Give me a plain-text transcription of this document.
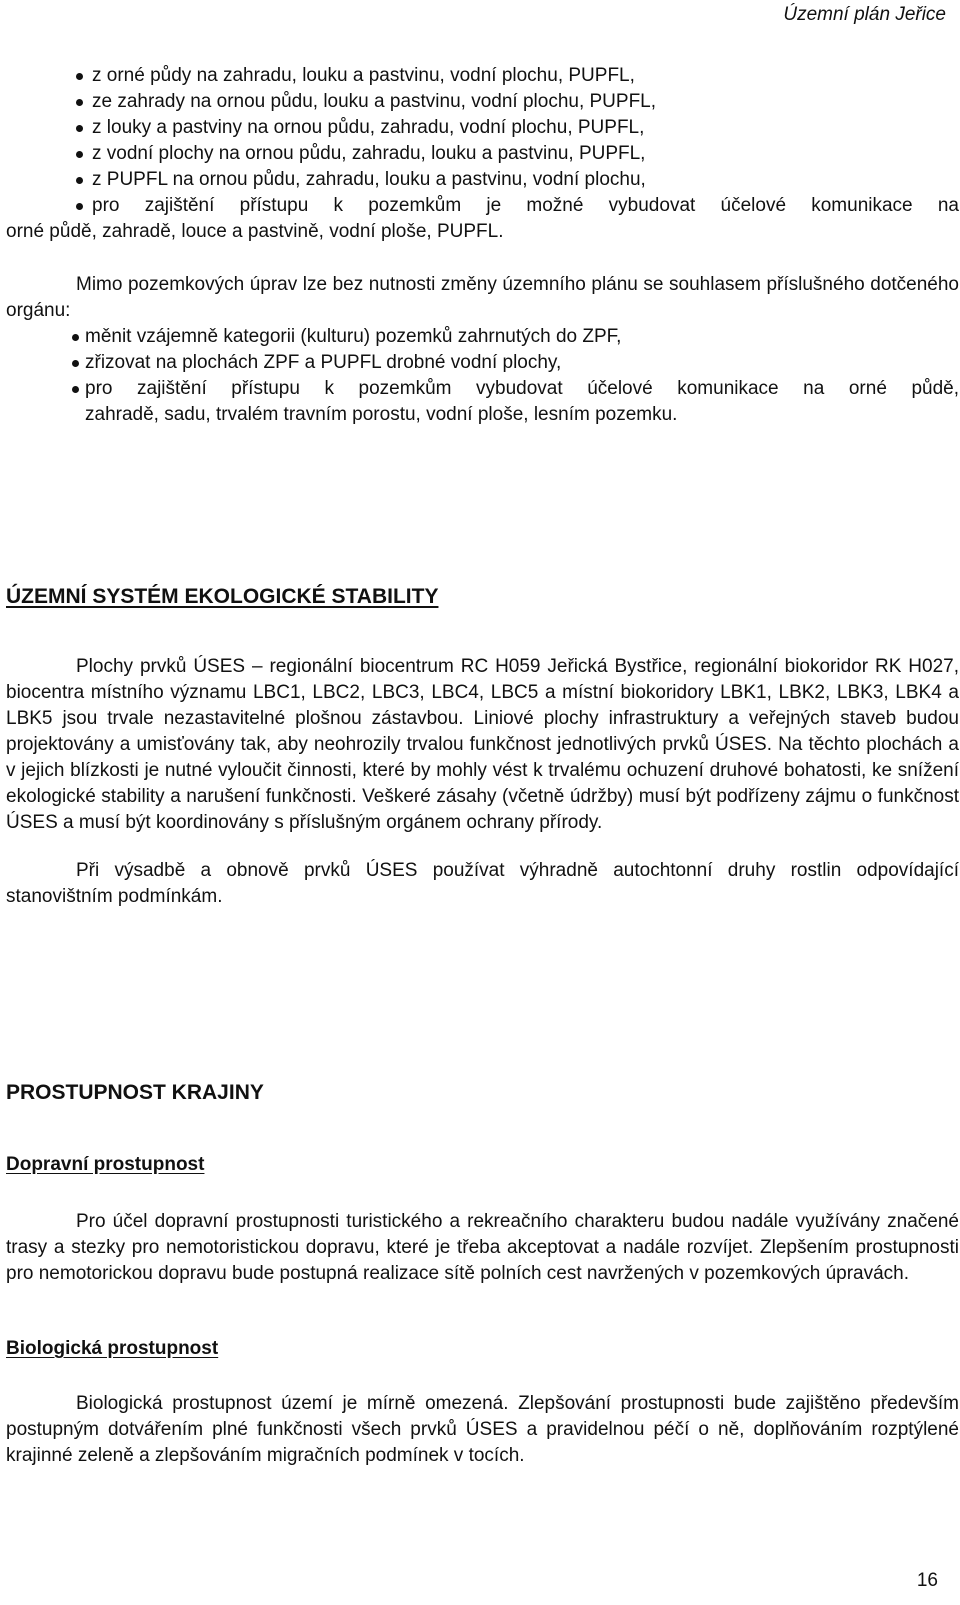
Územní plán Jeřice
z orné půdy na zahradu, louku a pastvinu, vodní plochu, PUPFL,
ze zahrady na ornou půdu, louku a pastvinu, vodní plochu, PUPFL,
z louky a pastviny na ornou půdu, zahradu, vodní plochu, PUPFL,
z vodní plochy na ornou půdu, zahradu, louku a pastvinu, PUPFL,
z PUPFL na ornou půdu, zahradu, louku a pastvinu, vodní plochu,
pro zajištění přístupu k pozemkům je možné vybudovat účelové komunikace na
orné půdě, zahradě, louce a pastvině, vodní ploše, PUPFL.

Mimo pozemkových úprav lze bez nutnosti změny územního plánu se souhlasem příslušného dotčeného orgánu:

měnit vzájemně kategorii (kulturu) pozemků zahrnutých do ZPF,
zřizovat na plochách ZPF a PUPFL drobné vodní plochy,
pro zajištění přístupu k pozemkům vybudovat účelové komunikace na orné půdě,
zahradě, sadu, trvalém travním porostu, vodní ploše, lesním pozemku.
ÚZEMNÍ SYSTÉM EKOLOGICKÉ STABILITY

Plochy prvků ÚSES – regionální biocentrum RC H059 Jeřická Bystřice, regionální biokoridor RK H027, biocentra místního významu LBC1, LBC2, LBC3, LBC4, LBC5 a místní biokoridory LBK1, LBK2, LBK3, LBK4 a LBK5 jsou trvale nezastavitelné plošnou zástavbou. Liniové plochy infrastruktury a veřejných staveb budou projektovány a umisťovány tak, aby neohrozily trvalou funkčnost jednotlivých prvků ÚSES. Na těchto plochách a v jejich blízkosti je nutné vyloučit činnosti, které by mohly vést k trvalému ochuzení druhové bohatosti, ke snížení ekologické stability a narušení funkčnosti. Veškeré zásahy (včetně údržby) musí být podřízeny zájmu o funkčnost ÚSES a musí být koordinovány s příslušným orgánem ochrany přírody.

Při výsadbě a obnově prvků ÚSES používat výhradně autochtonní druhy rostlin odpovídající stanovištním podmínkám.

PROSTUPNOST KRAJINY
Dopravní prostupnost

Pro účel dopravní prostupnosti turistického a rekreačního charakteru budou nadále využívány značené trasy a stezky pro nemotoristickou dopravu, které je třeba akceptovat a nadále rozvíjet. Zlepšením prostupnosti pro nemotorickou dopravu bude postupná realizace sítě polních cest navržených v pozemkových úpravách.

Biologická prostupnost

Biologická prostupnost území je mírně omezená. Zlepšování prostupnosti bude zajištěno především postupným dotvářením plné funkčnosti všech prvků ÚSES a pravidelnou péčí o ně, doplňováním rozptýlené krajinné zeleně a zlepšováním migračních podmínek v tocích.

16
